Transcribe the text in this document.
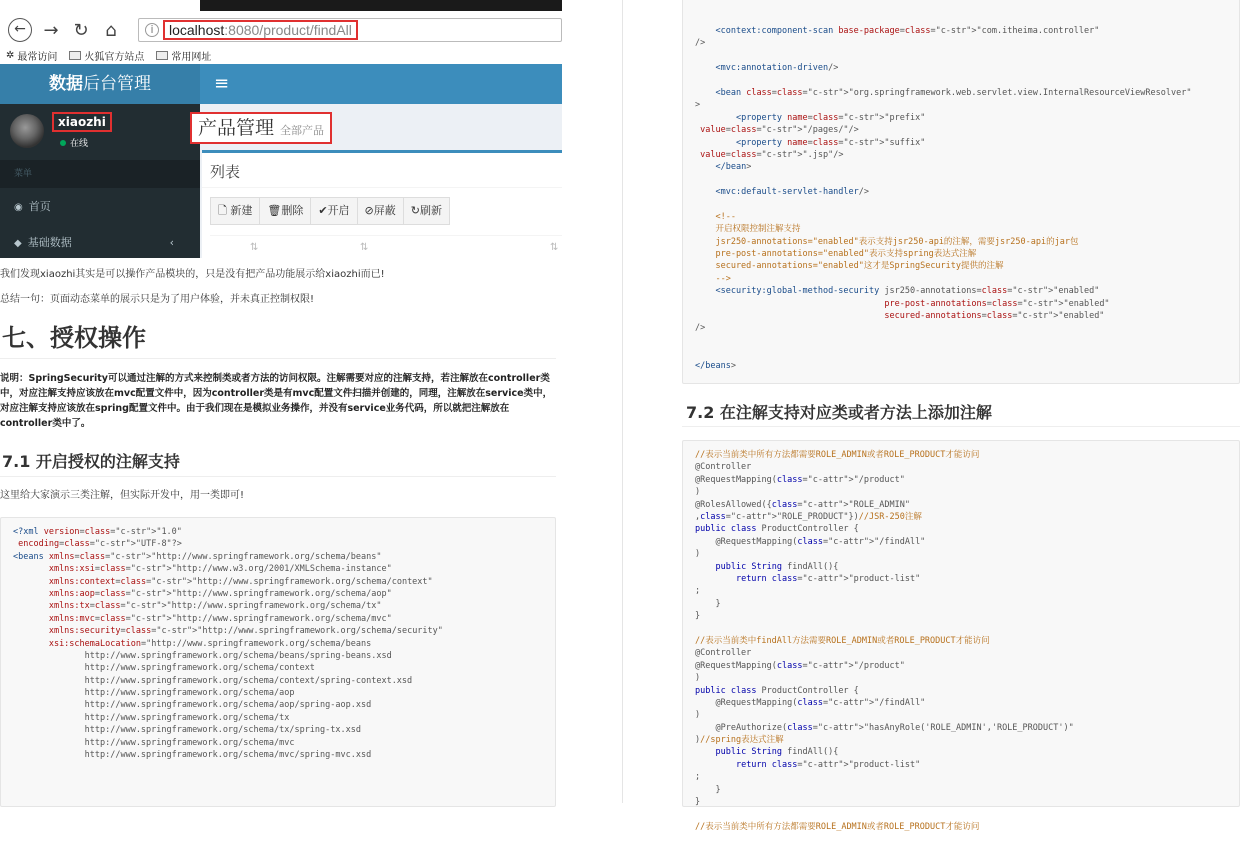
← → ↻ ⌂	i	localhost:8080/product/findAll
✲ 最常访问	火狐官方站点	常用网址
数据后台管理	≡
xiaozhi
在线
菜单
◉ 首页
◆ 基础数据	‹
产品管理 全部产品
列表
🗋 新建	🗑删除	✔开启	⊘屏蔽	↻刷新
⇅	⇅	⇅
我们发现xiaozhi其实是可以操作产品模块的，只是没有把产品功能展示给xiaozhi而已!
总结一句：页面动态菜单的展示只是为了用户体验，并未真正控制权限!
七、授权操作
说明：SpringSecurity可以通过注解的方式来控制类或者方法的访问权限。注解需要对应的注解支持，若注解放在controller类中，对应注解支持应该放在mvc配置文件中，因为controller类是有mvc配置文件扫描并创建的，同理，注解放在service类中，对应注解支持应该放在spring配置文件中。由于我们现在是模拟业务操作，并没有service业务代码，所以就把注解放在controller类中了。
7.1 开启授权的注解支持
这里给大家演示三类注解，但实际开发中，用一类即可!
<?xml version=class="c-str">"1.0"
encoding=class="c-str">"UTF-8"?>
<beans xmlns=class="c-str">"http://www.springframework.org/schema/beans"
xmlns:xsi=class="c-str">"http://www.w3.org/2001/XMLSchema-instance"
xmlns:context=class="c-str">"http://www.springframework.org/schema/context"
xmlns:aop=class="c-str">"http://www.springframework.org/schema/aop"
xmlns:tx=class="c-str">"http://www.springframework.org/schema/tx"
xmlns:mvc=class="c-str">"http://www.springframework.org/schema/mvc"
xmlns:security=class="c-str">"http://www.springframework.org/schema/security"
xsi:schemaLocation="http://www.springframework.org/schema/beans
http://www.springframework.org/schema/beans/spring-beans.xsd
http://www.springframework.org/schema/context
http://www.springframework.org/schema/context/spring-context.xsd
http://www.springframework.org/schema/aop
http://www.springframework.org/schema/aop/spring-aop.xsd
http://www.springframework.org/schema/tx
http://www.springframework.org/schema/tx/spring-tx.xsd
http://www.springframework.org/schema/mvc
http://www.springframework.org/schema/mvc/spring-mvc.xsd
<context:component-scan base-package=class="c-str">"com.itheima.controller"
/>

<mvc:annotation-driven/>

<bean class=class="c-str">"org.springframework.web.servlet.view.InternalResourceViewResolver"
>
<property name=class="c-str">"prefix"
value=class="c-str">"/pages/"/>
<property name=class="c-str">"suffix"
value=class="c-str">".jsp"/>
</bean>

<mvc:default-servlet-handler/>

<!--
开启权限控制注解支持
jsr250-annotations="enabled"表示支持jsr250-api的注解，需要jsr250-api的jar包
pre-post-annotations="enabled"表示支持spring表达式注解
secured-annotations="enabled"这才是SpringSecurity提供的注解
-->
<security:global-method-security jsr250-annotations=class="c-str">"enabled"
pre-post-annotations=class="c-str">"enabled"
secured-annotations=class="c-str">"enabled"
/>

</beans>
7.2 在注解支持对应类或者方法上添加注解
//表示当前类中所有方法都需要ROLE_ADMIN或者ROLE_PRODUCT才能访问
@Controller
@RequestMapping(class="c-attr">"/product"
)
@RolesAllowed({class="c-attr">"ROLE_ADMIN"
,class="c-attr">"ROLE_PRODUCT"})//JSR-250注解
public class ProductController {
@RequestMapping(class="c-attr">"/findAll"
)
public String findAll(){
return class="c-attr">"product-list"
;
}
}

//表示当前类中findAll方法需要ROLE_ADMIN或者ROLE_PRODUCT才能访问
@Controller
@RequestMapping(class="c-attr">"/product"
)
public class ProductController {
@RequestMapping(class="c-attr">"/findAll"
)
@PreAuthorize(class="c-attr">"hasAnyRole('ROLE_ADMIN','ROLE_PRODUCT')"
)//spring表达式注解
public String findAll(){
return class="c-attr">"product-list"
;
}
}

//表示当前类中所有方法都需要ROLE_ADMIN或者ROLE_PRODUCT才能访问
